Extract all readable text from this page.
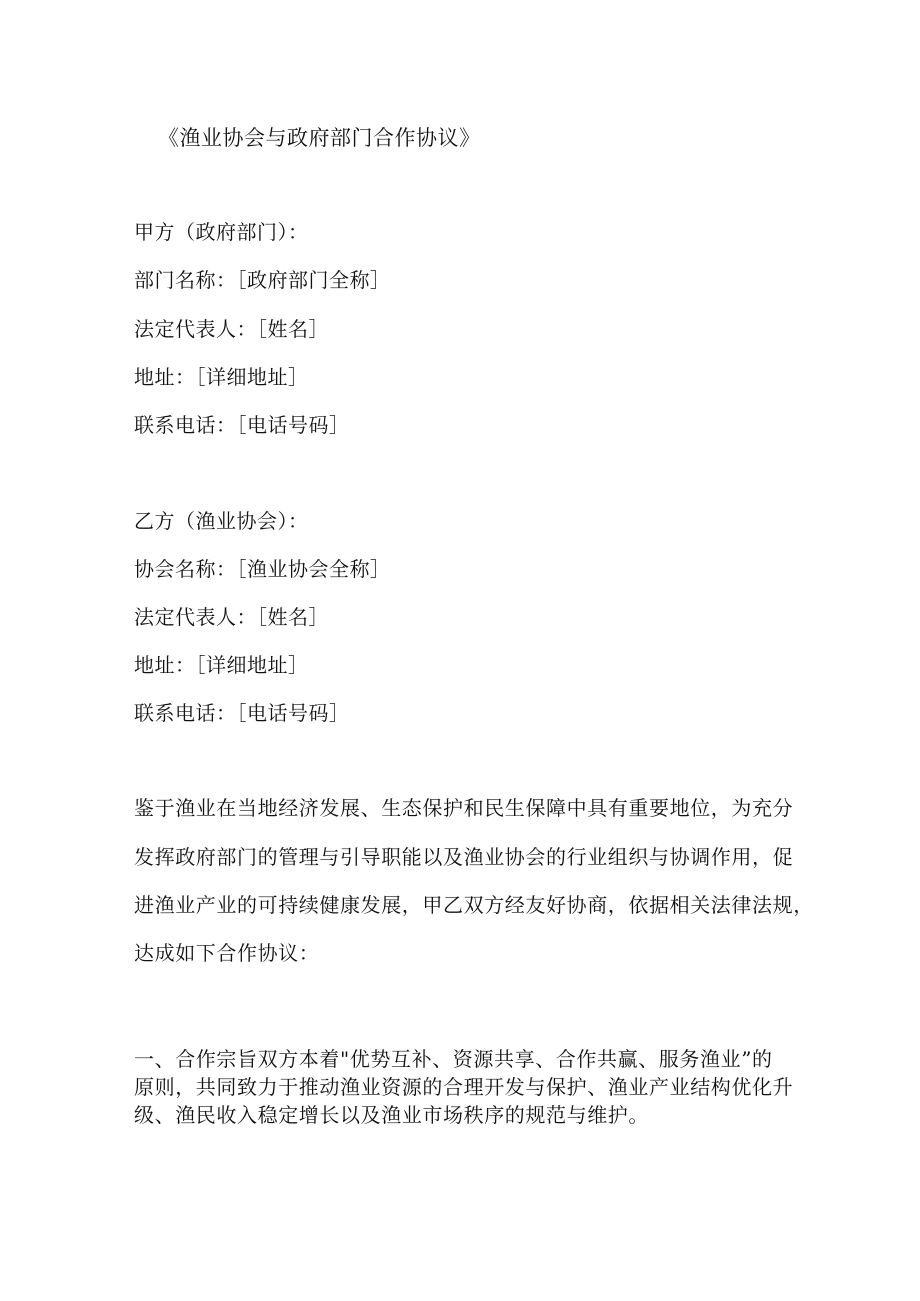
《渔业协会与政府部门合作协议》
甲方（政府部门）：
部门名称：［政府部门全称］
法定代表人：［姓名］
地址：［详细地址］
联系电话：［电话号码］
乙方（渔业协会）：
协会名称：［渔业协会全称］
法定代表人：［姓名］
地址：［详细地址］
联系电话：［电话号码］
鉴于渔业在当地经济发展、生态保护和民生保障中具有重要地位，为充分
发挥政府部门的管理与引导职能以及渔业协会的行业组织与协调作用，促
进渔业产业的可持续健康发展，甲乙双方经友好协商，依据相关法律法规，
达成如下合作协议：
一、合作宗旨双方本着"优势互补、资源共享、合作共赢、服务渔业”的
原则，共同致力于推动渔业资源的合理开发与保护、渔业产业结构优化升
级、渔民收入稳定增长以及渔业市场秩序的规范与维护。
